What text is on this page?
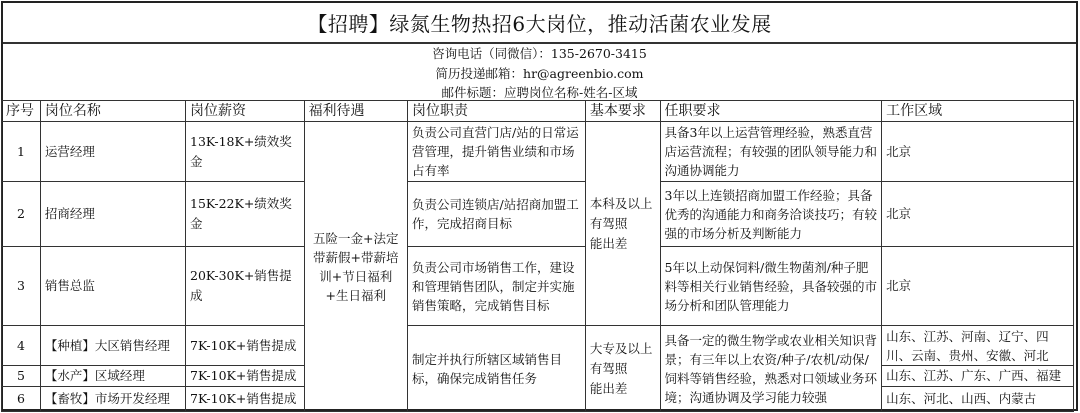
【招聘】绿氮生物热招6大岗位，推动活菌农业发展
咨询电话（同微信）：135-2670-3415
简历投递邮箱：hr@agreenbio.com
邮件标题：应聘岗位名称-姓名-区域
序号	岗位名称	岗位薪资	福利待遇	岗位职责	基本要求	任职要求	工作区域
1	运营经理	13K-18K+绩效奖金	五险一金+法定带薪假+带薪培训+节日福利+生日福利	负责公司直营门店/站的日常运营管理，提升销售业绩和市场占有率	本科及以上
有驾照
能出差	具备3年以上运营管理经验，熟悉直营店运营流程；有较强的团队领导能力和沟通协调能力	北京
2	招商经理	15K-22K+绩效奖金		负责公司连锁店/站招商加盟工作，完成招商目标		3年以上连锁招商加盟工作经验；具备优秀的沟通能力和商务洽谈技巧；有较强的市场分析及判断能力	北京
3	销售总监	20K-30K+销售提成		负责公司市场销售工作，建设和管理销售团队，制定并实施销售策略，完成销售目标		5年以上动保饲料/微生物菌剂/种子肥料等相关行业销售经验，具备较强的市场分析和团队管理能力	北京
4	【种植】大区销售经理	7K-10K+销售提成		制定并执行所辖区域销售目标，确保完成销售任务	大专及以上
有驾照
能出差	具备一定的微生物学或农业相关知识背景；有三年以上农资/种子/农机/动保/饲料等销售经验，熟悉对口领域业务环境；沟通协调及学习能力较强	山东、江苏、河南、辽宁、四川、云南、贵州、安徽、河北
5	【水产】区域经理	7K-10K+销售提成					山东、江苏、广东、广西、福建
6	【畜牧】市场开发经理	7K-10K+销售提成					山东、河北、山西、内蒙古
